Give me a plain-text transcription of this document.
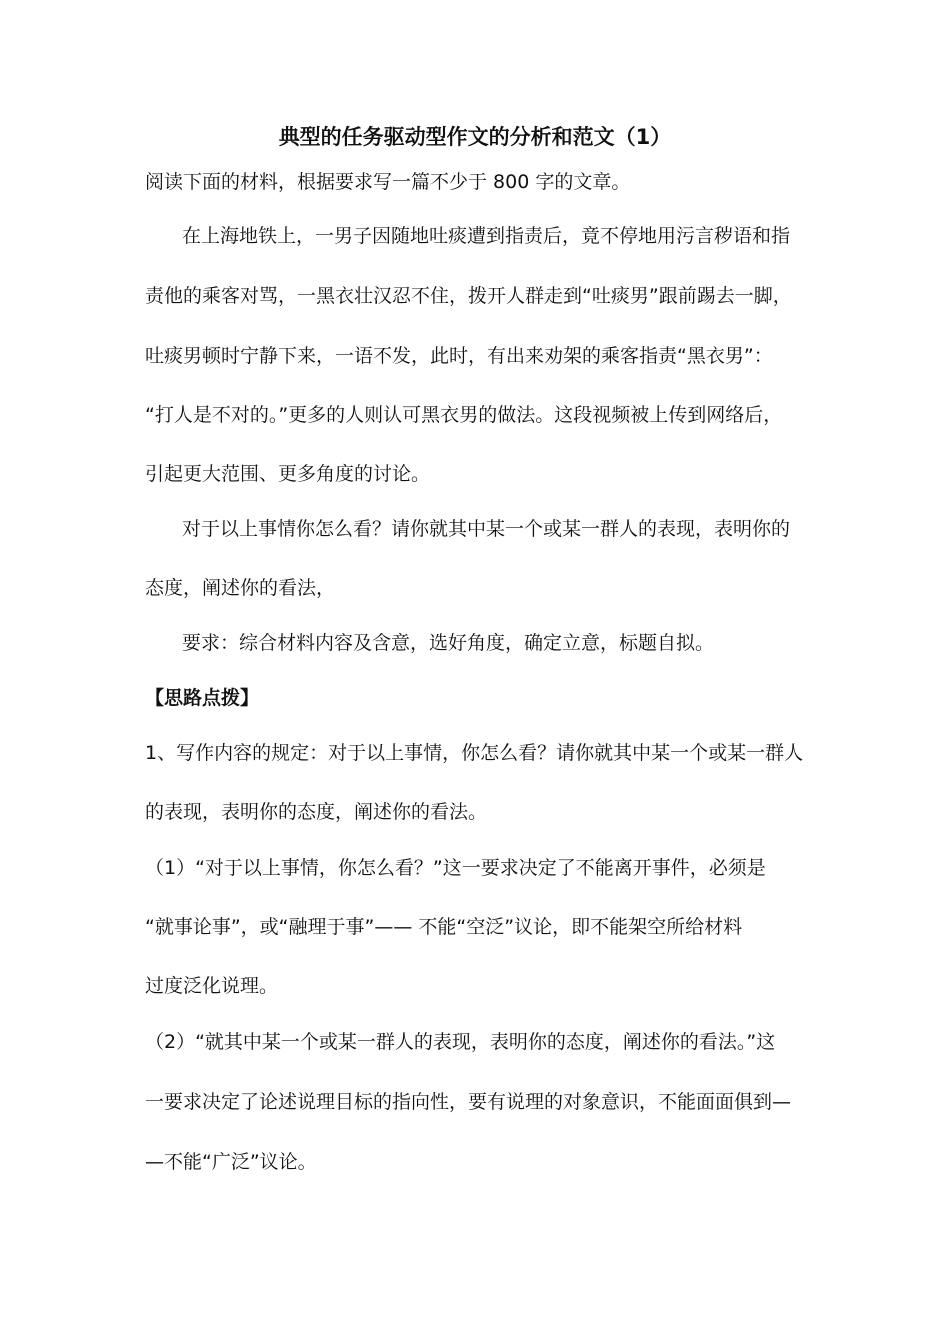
典型的任务驱动型作文的分析和范文（1）
阅读下面的材料，根据要求写一篇不少于 800 字的文章。
在上海地铁上，一男子因随地吐痰遭到指责后，竟不停地用污言秽语和指
责他的乘客对骂，一黑衣壮汉忍不住，拨开人群走到“吐痰男”跟前踢去一脚，
吐痰男顿时宁静下来，一语不发，此时，有出来劝架的乘客指责“黑衣男”：
“打人是不对的。”更多的人则认可黑衣男的做法。这段视频被上传到网络后，
引起更大范围、更多角度的讨论。
对于以上事情你怎么看？请你就其中某一个或某一群人的表现，表明你的
态度，阐述你的看法，
要求：综合材料内容及含意，选好角度，确定立意，标题自拟。
【思路点拨】
1、写作内容的规定：对于以上事情，你怎么看？请你就其中某一个或某一群人
的表现，表明你的态度，阐述你的看法。
（1）“对于以上事情，你怎么看？”这一要求决定了不能离开事件，必须是
“就事论事”，或“融理于事”—— 不能“空泛”议论，即不能架空所给材料
过度泛化说理。
（2）“就其中某一个或某一群人的表现，表明你的态度，阐述你的看法。”这
一要求决定了论述说理目标的指向性，要有说理的对象意识，不能面面俱到—
—不能“广泛”议论。
